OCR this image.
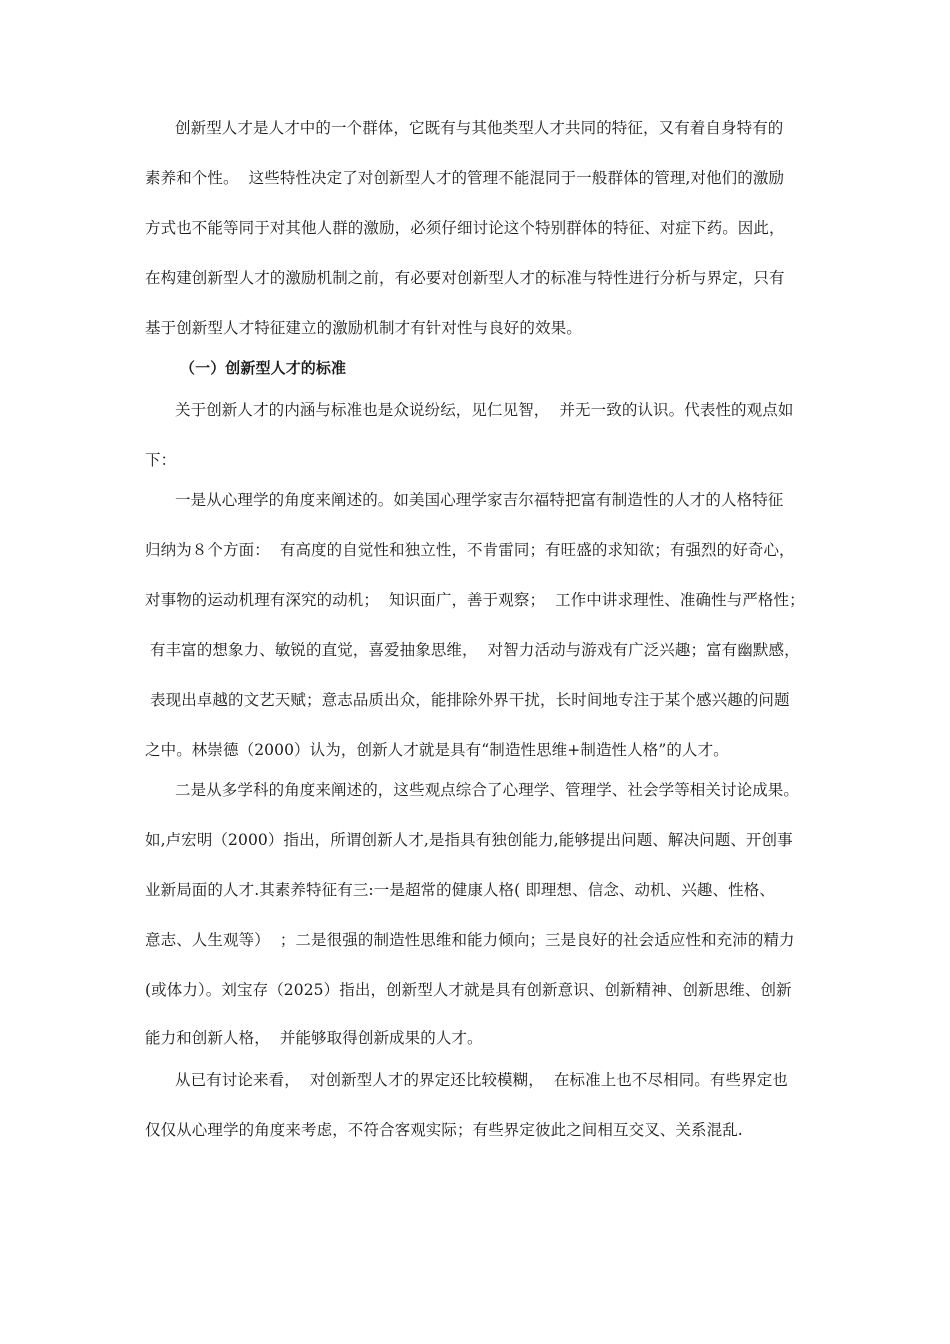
创新型人才是人才中的一个群体，它既有与其他类型人才共同的特征，又有着自身特有的
素养和个性。  这些特性决定了对创新型人才的管理不能混同于一般群体的管理,对他们的激励
方式也不能等同于对其他人群的激励，必须仔细讨论这个特别群体的特征、对症下药。因此，
在构建创新型人才的激励机制之前，有必要对创新型人才的标准与特性进行分析与界定，只有
基于创新型人才特征建立的激励机制才有针对性与良好的效果。
（一）创新型人才的标准
关于创新人才的内涵与标准也是众说纷纭，见仁见智，  并无一致的认识。代表性的观点如
下：
一是从心理学的角度来阐述的。如美国心理学家吉尔福特把富有制造性的人才的人格特征
归纳为８个方面：  有高度的自觉性和独立性，不肯雷同；有旺盛的求知欲；有强烈的好奇心，
对事物的运动机理有深究的动机；  知识面广，善于观察；  工作中讲求理性、准确性与严格性；
有丰富的想象力、敏锐的直觉，喜爱抽象思维，  对智力活动与游戏有广泛兴趣；富有幽默感，
表现出卓越的文艺天赋；意志品质出众，能排除外界干扰，长时间地专注于某个感兴趣的问题
之中。林崇德（2000）认为，创新人才就是具有“制造性思维+制造性人格”的人才。
二是从多学科的角度来阐述的，这些观点综合了心理学、管理学、社会学等相关讨论成果。
如,卢宏明（2000）指出，所谓创新人才,是指具有独创能力,能够提出问题、解决问题、开创事
业新局面的人才.其素养特征有三:一是超常的健康人格( 即理想、信念、动机、兴趣、性格、
意志、人生观等）  ；二是很强的制造性思维和能力倾向；三是良好的社会适应性和充沛的精力
(或体力）。刘宝存（2025）指出，创新型人才就是具有创新意识、创新精神、创新思维、创新
能力和创新人格，  并能够取得创新成果的人才。
从已有讨论来看，  对创新型人才的界定还比较模糊，  在标准上也不尽相同。有些界定也
仅仅从心理学的角度来考虑，不符合客观实际；有些界定彼此之间相互交叉、关系混乱.
